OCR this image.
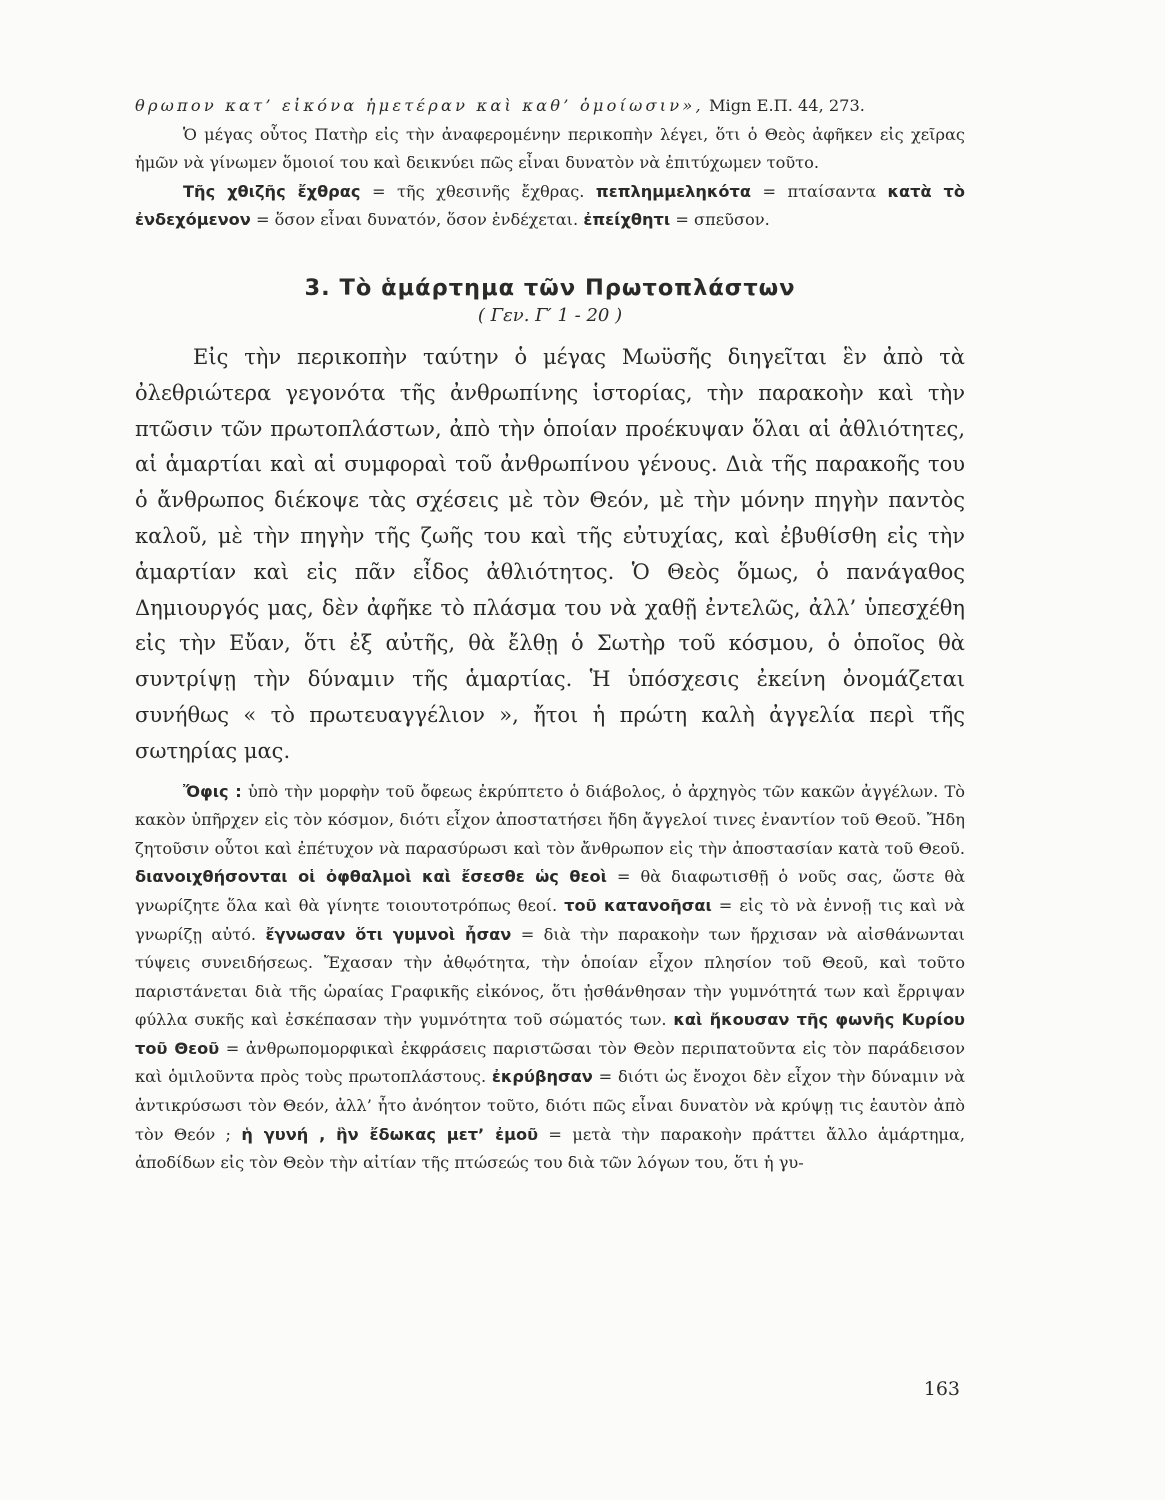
θρωπον κατ’ εἰκόνα ἡμετέραν καὶ καθ’ ὁμοίωσιν», Mign Ε.Π. 44, 273.

Ὁ μέγας οὗτος Πατὴρ εἰς τὴν ἀναφερομένην περικοπὴν λέγει, ὅτι ὁ Θεὸς ἀφῆκεν εἰς χεῖρας ἡμῶν νὰ γίνωμεν ὅμοιοί του καὶ δεικνύει πῶς εἶναι δυνατὸν νὰ ἐπιτύχωμεν τοῦτο.

Τῆς χθιζῆς ἔχθρας = τῆς χθεσινῆς ἔχθρας. πεπλημμεληκότα = πταίσαντα κατὰ τὸ ἐνδεχόμενον = ὅσον εἶναι δυνατόν, ὅσον ἐνδέχεται. ἐπείχθητι = σπεῦσον.

3. Τὸ ἁμάρτημα τῶν Πρωτοπλάστων

( Γεν. Γ′ 1 - 20 )

Εἰς τὴν περικοπὴν ταύτην ὁ μέγας Μωϋσῆς διηγεῖται ἓν ἀπὸ τὰ ὀλεθριώτερα γεγονότα τῆς ἀνθρωπίνης ἱστορίας, τὴν παρακοὴν καὶ τὴν πτῶσιν τῶν πρωτοπλάστων, ἀπὸ τὴν ὁποίαν προέκυψαν ὅλαι αἱ ἀθλιότητες, αἱ ἁμαρτίαι καὶ αἱ συμφοραὶ τοῦ ἀνθρωπίνου γένους. Διὰ τῆς παρακοῆς του ὁ ἄνθρωπος διέκοψε τὰς σχέσεις μὲ τὸν Θεόν, μὲ τὴν μόνην πηγὴν παντὸς καλοῦ, μὲ τὴν πηγὴν τῆς ζωῆς του καὶ τῆς εὐτυχίας, καὶ ἐβυθίσθη εἰς τὴν ἁμαρτίαν καὶ εἰς πᾶν εἶδος ἀθλιότητος. Ὁ Θεὸς ὅμως, ὁ πανάγαθος Δημιουργός μας, δὲν ἀφῆκε τὸ πλάσμα του νὰ χαθῇ ἐντελῶς, ἀλλ’ ὑπεσχέθη εἰς τὴν Εὔαν, ὅτι ἐξ αὐτῆς, θὰ ἔλθῃ ὁ Σωτὴρ τοῦ κόσμου, ὁ ὁποῖος θὰ συντρίψῃ τὴν δύναμιν τῆς ἁμαρτίας. Ἡ ὑπόσχεσις ἐκείνη ὀνομάζεται συνήθως « τὸ πρωτευαγγέλιον », ἤτοι ἡ πρώτη καλὴ ἀγγελία περὶ τῆς σωτηρίας μας.

Ὄφις : ὑπὸ τὴν μορφὴν τοῦ ὄφεως ἐκρύπτετο ὁ διάβολος, ὁ ἀρχηγὸς τῶν κακῶν ἀγγέλων. Τὸ κακὸν ὑπῆρχεν εἰς τὸν κόσμον, διότι εἶχον ἀποστατήσει ἤδη ἄγγελοί τινες ἐναντίον τοῦ Θεοῦ. Ἤδη ζητοῦσιν οὗτοι καὶ ἐπέτυχον νὰ παρασύρωσι καὶ τὸν ἄνθρωπον εἰς τὴν ἀποστασίαν κατὰ τοῦ Θεοῦ. διανοιχθήσονται οἱ ὀφθαλμοὶ καὶ ἔσεσθε ὡς θεοὶ = θὰ διαφωτισθῇ ὁ νοῦς σας, ὥστε θὰ γνωρίζητε ὅλα καὶ θὰ γίνητε τοιουτοτρόπως θεοί. τοῦ κατανοῆσαι = εἰς τὸ νὰ ἐννοῇ τις καὶ νὰ γνωρίζῃ αὐτό. ἔγνωσαν ὅτι γυμνοὶ ἦσαν = διὰ τὴν παρακοὴν των ἤρχισαν νὰ αἰσθάνωνται τύψεις συνειδήσεως. Ἔχασαν τὴν ἀθῳότητα, τὴν ὁποίαν εἶχον πλησίον τοῦ Θεοῦ, καὶ τοῦτο παριστάνεται διὰ τῆς ὡραίας Γραφικῆς εἰκόνος, ὅτι ᾐσθάνθησαν τὴν γυμνότητά των καὶ ἔρριψαν φύλλα συκῆς καὶ ἐσκέπασαν τὴν γυμνότητα τοῦ σώματός των. καὶ ἤκουσαν τῆς φωνῆς Κυρίου τοῦ Θεοῦ = ἀνθρωπομορφικαὶ ἐκφράσεις παριστῶσαι τὸν Θεὸν περιπατοῦντα εἰς τὸν παράδεισον καὶ ὁμιλοῦντα πρὸς τοὺς πρωτοπλάστους. ἐκρύβησαν = διότι ὡς ἔνοχοι δὲν εἶχον τὴν δύναμιν νὰ ἀντικρύσωσι τὸν Θεόν, ἀλλ’ ἦτο ἀνόητον τοῦτο, διότι πῶς εἶναι δυνατὸν νὰ κρύψῃ τις ἑαυτὸν ἀπὸ τὸν Θεόν ; ἡ γυνή , ἣν ἔδωκας μετ’ ἐμοῦ = μετὰ τὴν παρακοὴν πράττει ἄλλο ἁμάρτημα, ἀποδίδων εἰς τὸν Θεὸν τὴν αἰτίαν τῆς πτώσεώς του διὰ τῶν λόγων του, ὅτι ἡ γυ-

163
